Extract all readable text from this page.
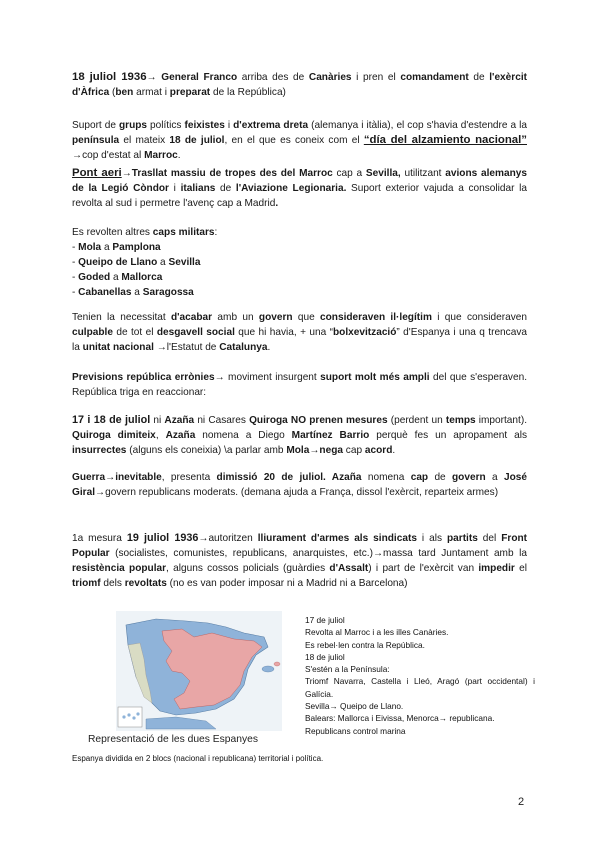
18 juliol 1936→ General Franco arriba des de Canàries i pren el comandament de l'exèrcit d'Àfrica (ben armat i preparat de la República)

Suport de grups polítics feixistes i d'extrema dreta (alemanya i itàlia), el cop s'havia d'estendre a la península el mateix 18 de juliol, en el que es coneix com el “día del alzamiento nacional” →cop d'estat al Marroc.

Pont aeri→Trasllat massiu de tropes des del Marroc cap a Sevilla, utilitzant avions alemanys de la Legió Còndor i italians de l'Aviazione Legionaria. Suport exterior vajuda a consolidar la revolta al sud i permetre l'avenç cap a Madrid.

Es revolten altres caps militars:
- Mola a Pamplona
- Queipo de Llano a Sevilla
- Goded a Mallorca
- Cabanellas a Saragossa

Tenien la necessitat d'acabar amb un govern que consideraven il·legítim i que consideraven culpable de tot el desgavell social que hi havia, + una “bolxevització” d'Espanya i una q trencava la unitat nacional →l'Estatut de Catalunya.

Previsions república errònies→ moviment insurgent suport molt més ampli del que s'esperaven. República triga en reaccionar:

17 i 18 de juliol ni Azaña ni Casares Quiroga NO prenen mesures (perdent un temps important). Quiroga dimiteix, Azaña nomena a Diego Martínez Barrio perquè fes un apropament als insurrectes (alguns els coneixia) \a parlar amb Mola→nega cap acord.

Guerra→inevitable, presenta dimissió 20 de juliol. Azaña nomena cap de govern a José Giral→govern republicans moderats. (demana ajuda a França, dissol l'exèrcit, reparteix armes)

1a mesura 19 juliol 1936→autoritzen lliurament d'armes als sindicats i als partits del Front Popular (socialistes, comunistes, republicans, anarquistes, etc.)→massa tard Juntament amb la resistència popular, alguns cossos policials (guàrdies d'Assalt) i part de l'exèrcit van impedir el triomf dels revoltats (no es van poder imposar ni a Madrid ni a Barcelona)

17 de juliol
Revolta al Marroc i a les illes Canàries.
Es rebel·len contra la República.
18 de juliol
S'estén a la Península:
Triomf Navarra, Castella i Lleó, Aragó (part occidental) i Galícia.
Sevilla→ Queipo de Llano.
Balears: Mallorca i Eivissa, Menorca→ republicana.
Republicans control marina
Representació de les dues Espanyes
Espanya dividida en 2 blocs (nacional i republicana) territorial i política.
2
